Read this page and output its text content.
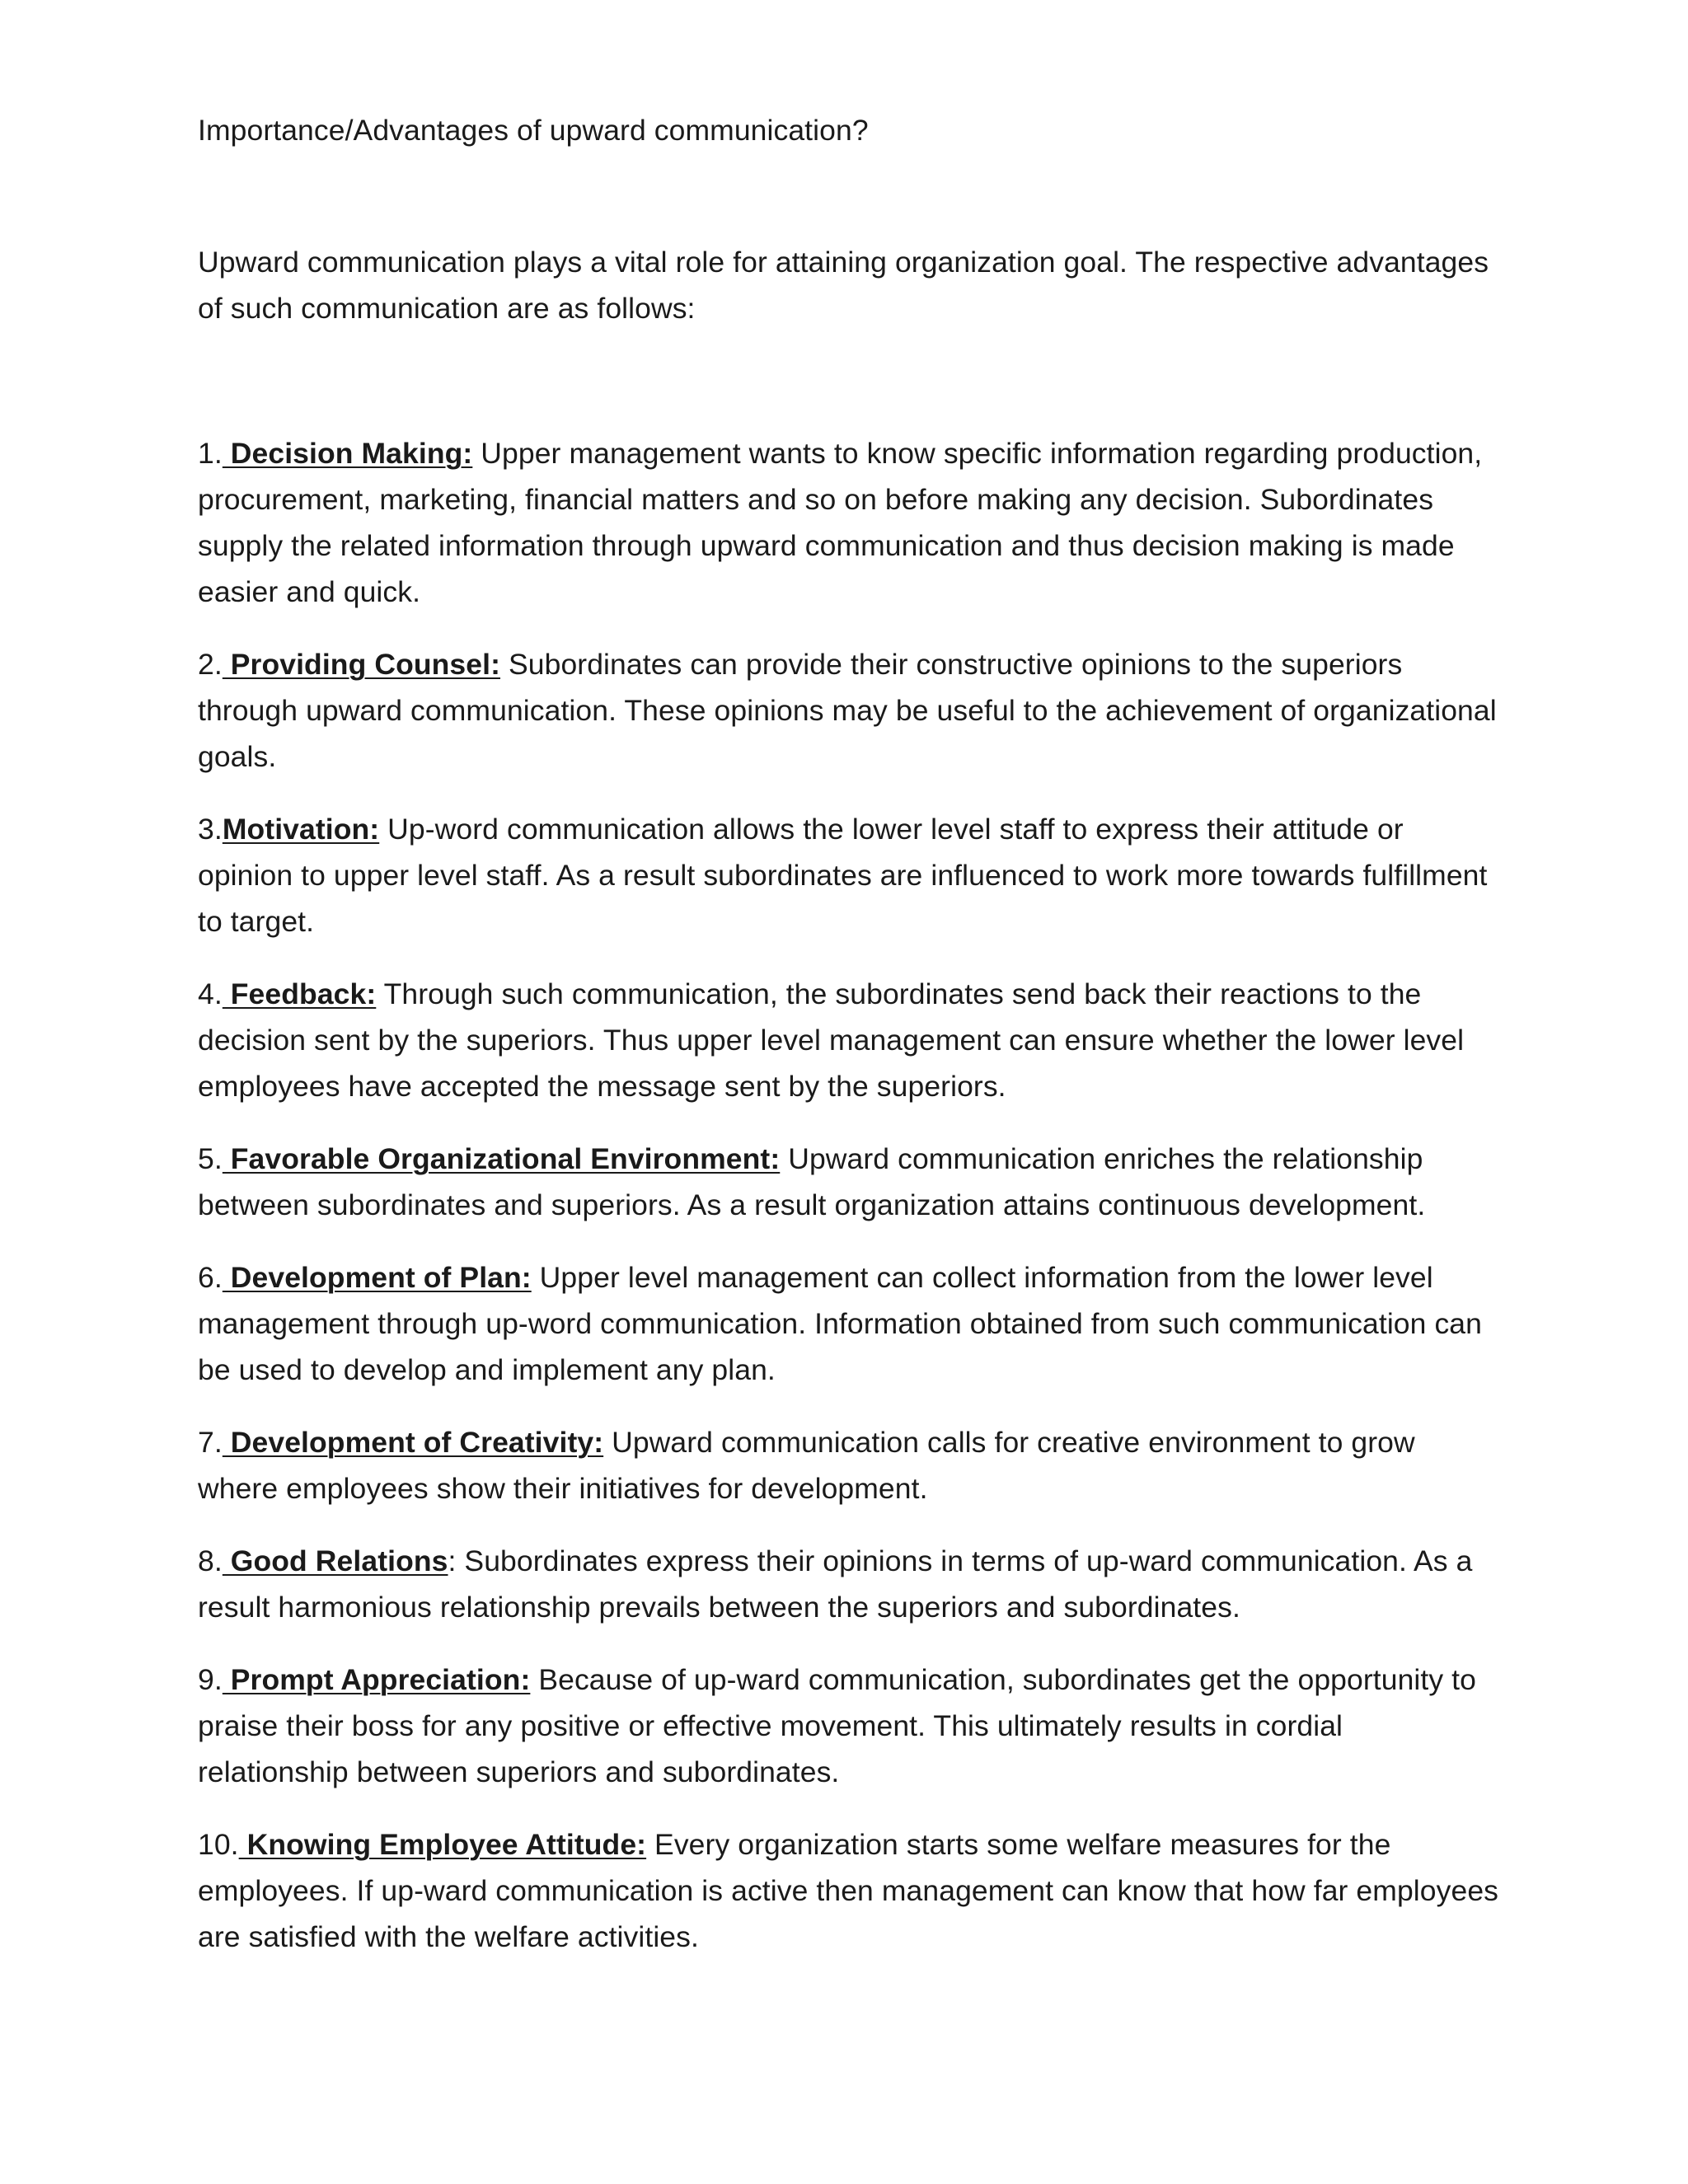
Importance/Advantages of upward communication?

Upward communication plays a vital role for attaining organization goal. The respective advantages of such communication are as follows:

1. Decision Making: Upper management wants to know specific information regarding production, procurement, marketing, financial matters and so on before making any decision. Subordinates supply the related information through upward communication and thus decision making is made easier and quick.

2. Providing Counsel: Subordinates can provide their constructive opinions to the superiors through upward communication. These opinions may be useful to the achievement of organizational goals.

3.Motivation: Up-word communication allows the lower level staff to express their attitude or opinion to upper level staff. As a result subordinates are influenced to work more towards fulfillment to target.

4. Feedback: Through such communication, the subordinates send back their reactions to the decision sent by the superiors. Thus upper level management can ensure whether the lower level employees have accepted the message sent by the superiors.

5. Favorable Organizational Environment: Upward communication enriches the relationship between subordinates and superiors. As a result organization attains continuous development.

6. Development of Plan: Upper level management can collect information from the lower level management through up-word communication. Information obtained from such communication can be used to develop and implement any plan.

7. Development of Creativity: Upward communication calls for creative environment to grow where employees show their initiatives for development.

8. Good Relations: Subordinates express their opinions in terms of up-ward communication. As a result harmonious relationship prevails between the superiors and subordinates.

9. Prompt Appreciation: Because of up-ward communication, subordinates get the opportunity to praise their boss for any positive or effective movement. This ultimately results in cordial relationship between superiors and subordinates.

10. Knowing Employee Attitude: Every organization starts some welfare measures for the employees. If up-ward communication is active then management can know that how far employees are satisfied with the welfare activities.
